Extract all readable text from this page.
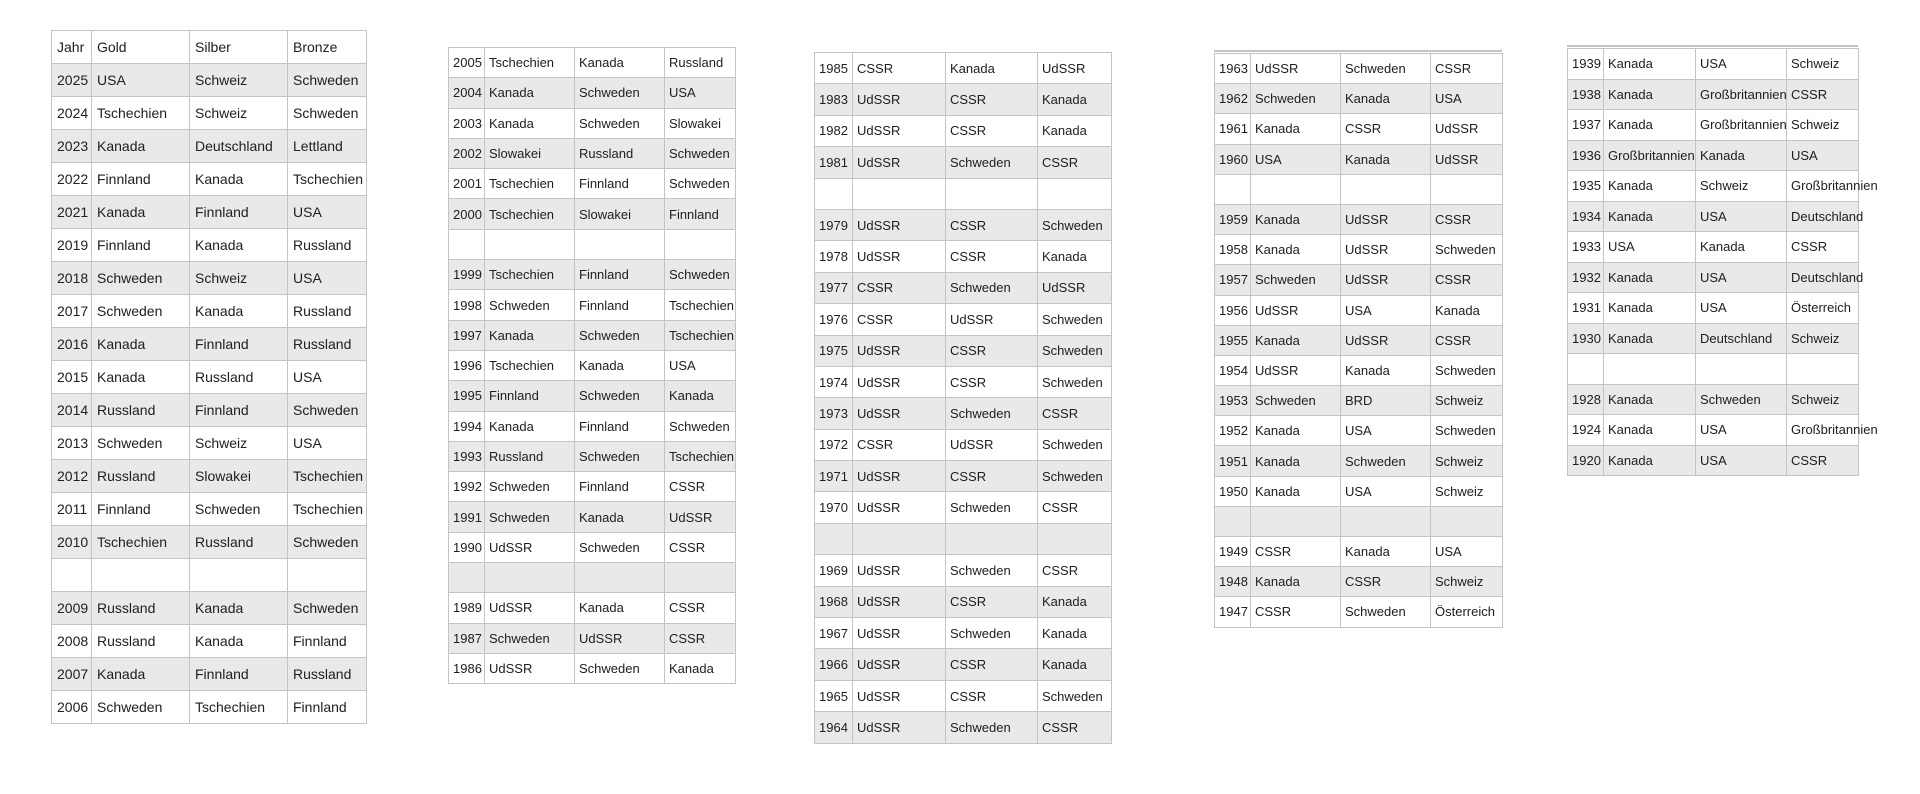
Jahr	Gold	Silber	Bronze
2025	USA	Schweiz	Schweden
2024	Tschechien	Schweiz	Schweden
2023	Kanada	Deutschland	Lettland
2022	Finnland	Kanada	Tschechien
2021	Kanada	Finnland	USA
2019	Finnland	Kanada	Russland
2018	Schweden	Schweiz	USA
2017	Schweden	Kanada	Russland
2016	Kanada	Finnland	Russland
2015	Kanada	Russland	USA
2014	Russland	Finnland	Schweden
2013	Schweden	Schweiz	USA
2012	Russland	Slowakei	Tschechien
2011	Finnland	Schweden	Tschechien
2010	Tschechien	Russland	Schweden

2009	Russland	Kanada	Schweden
2008	Russland	Kanada	Finnland
2007	Kanada	Finnland	Russland
2006	Schweden	Tschechien	Finnland
2005	Tschechien	Kanada	Russland
2004	Kanada	Schweden	USA
2003	Kanada	Schweden	Slowakei
2002	Slowakei	Russland	Schweden
2001	Tschechien	Finnland	Schweden
2000	Tschechien	Slowakei	Finnland

1999	Tschechien	Finnland	Schweden
1998	Schweden	Finnland	Tschechien
1997	Kanada	Schweden	Tschechien
1996	Tschechien	Kanada	USA
1995	Finnland	Schweden	Kanada
1994	Kanada	Finnland	Schweden
1993	Russland	Schweden	Tschechien
1992	Schweden	Finnland	CSSR
1991	Schweden	Kanada	UdSSR
1990	UdSSR	Schweden	CSSR

1989	UdSSR	Kanada	CSSR
1987	Schweden	UdSSR	CSSR
1986	UdSSR	Schweden	Kanada
1985	CSSR	Kanada	UdSSR
1983	UdSSR	CSSR	Kanada
1982	UdSSR	CSSR	Kanada
1981	UdSSR	Schweden	CSSR

1979	UdSSR	CSSR	Schweden
1978	UdSSR	CSSR	Kanada
1977	CSSR	Schweden	UdSSR
1976	CSSR	UdSSR	Schweden
1975	UdSSR	CSSR	Schweden
1974	UdSSR	CSSR	Schweden
1973	UdSSR	Schweden	CSSR
1972	CSSR	UdSSR	Schweden
1971	UdSSR	CSSR	Schweden
1970	UdSSR	Schweden	CSSR

1969	UdSSR	Schweden	CSSR
1968	UdSSR	CSSR	Kanada
1967	UdSSR	Schweden	Kanada
1966	UdSSR	CSSR	Kanada
1965	UdSSR	CSSR	Schweden
1964	UdSSR	Schweden	CSSR
1963	UdSSR	Schweden	CSSR
1962	Schweden	Kanada	USA
1961	Kanada	CSSR	UdSSR
1960	USA	Kanada	UdSSR

1959	Kanada	UdSSR	CSSR
1958	Kanada	UdSSR	Schweden
1957	Schweden	UdSSR	CSSR
1956	UdSSR	USA	Kanada
1955	Kanada	UdSSR	CSSR
1954	UdSSR	Kanada	Schweden
1953	Schweden	BRD	Schweiz
1952	Kanada	USA	Schweden
1951	Kanada	Schweden	Schweiz
1950	Kanada	USA	Schweiz

1949	CSSR	Kanada	USA
1948	Kanada	CSSR	Schweiz
1947	CSSR	Schweden	Österreich
1939	Kanada	USA	Schweiz
1938	Kanada	Großbritannien	CSSR
1937	Kanada	Großbritannien	Schweiz
1936	Großbritannien	Kanada	USA
1935	Kanada	Schweiz	Großbritannien
1934	Kanada	USA	Deutschland
1933	USA	Kanada	CSSR
1932	Kanada	USA	Deutschland
1931	Kanada	USA	Österreich
1930	Kanada	Deutschland	Schweiz

1928	Kanada	Schweden	Schweiz
1924	Kanada	USA	Großbritannien
1920	Kanada	USA	CSSR
